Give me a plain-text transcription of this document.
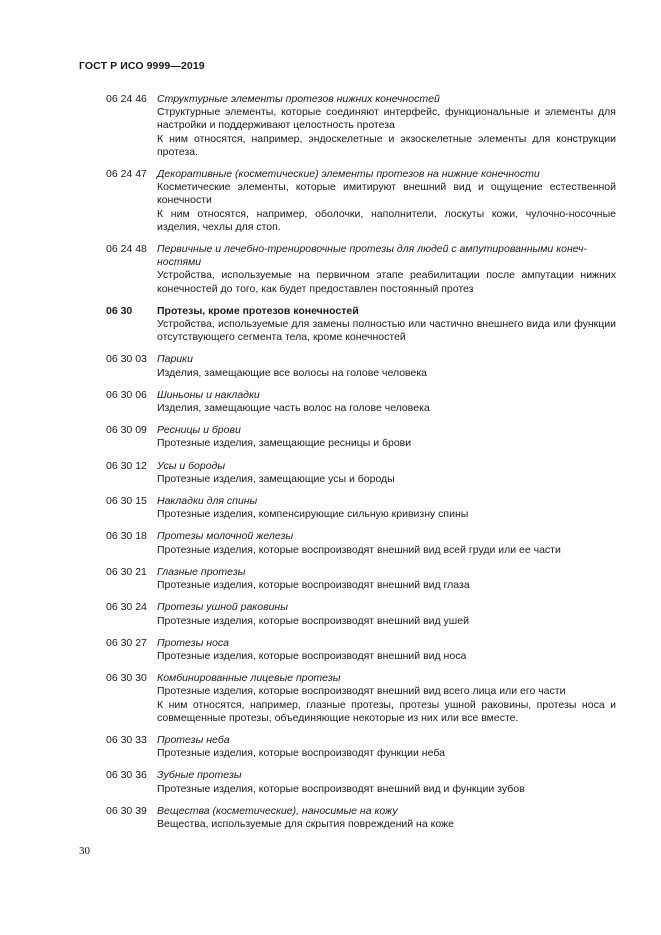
ГОСТ Р ИСО 9999—2019
06 24 46 Структурные элементы протезов нижних конечностей
Структурные элементы, которые соединяют интерфейс, функциональные и элементы для настройки и поддерживают целостность протеза
К ним относятся, например, эндоскелетные и экзоскелетные элементы для конструкции протеза.
06 24 47 Декоративные (косметические) элементы протезов на нижние конечности
Косметические элементы, которые имитируют внешний вид и ощущение естественной конечности
К ним относятся, например, оболочки, наполнители, лоскуты кожи, чулочно-носочные изделия, чехлы для стоп.
06 24 48 Первичные и лечебно-тренировочные протезы для людей с ампутированными конеч-ностями
Устройства, используемые на первичном этапе реабилитации после ампутации нижних конечностей до того, как будет предоставлен постоянный протез
06 30	Протезы, кроме протезов конечностей
Устройства, используемые для замены полностью или частично внешнего вида или функции отсутствующего сегмента тела, кроме конечностей
06 30 03 Парики
Изделия, замещающие все волосы на голове человека
06 30 06 Шиньоны и накладки
Изделия, замещающие часть волос на голове человека
06 30 09 Ресницы и брови
Протезные изделия, замещающие ресницы и брови
06 30 12 Усы и бороды
Протезные изделия, замещающие усы и бороды
06 30 15 Накладки для спины
Протезные изделия, компенсирующие сильную кривизну спины
06 30 18 Протезы молочной железы
Протезные изделия, которые воспроизводят внешний вид всей груди или ее части
06 30 21 Глазные протезы
Протезные изделия, которые воспроизводят внешний вид глаза
06 30 24 Протезы ушной раковины
Протезные изделия, которые воспроизводят внешний вид ушей
06 30 27 Протезы носа
Протезные изделия, которые воспроизводят внешний вид носа
06 30 30 Комбинированные лицевые протезы
Протезные изделия, которые воспроизводят внешний вид всего лица или его части
К ним относятся, например, глазные протезы, протезы ушной раковины, протезы носа и совмещенные протезы, объединяющие некоторые из них или все вместе.
06 30 33 Протезы неба
Протезные изделия, которые воспроизводят функции неба
06 30 36 Зубные протезы
Протезные изделия, которые воспроизводят внешний вид и функции зубов
06 30 39 Вещества (косметические), наносимые на кожу
Вещества, используемые для скрытия повреждений на коже
30
